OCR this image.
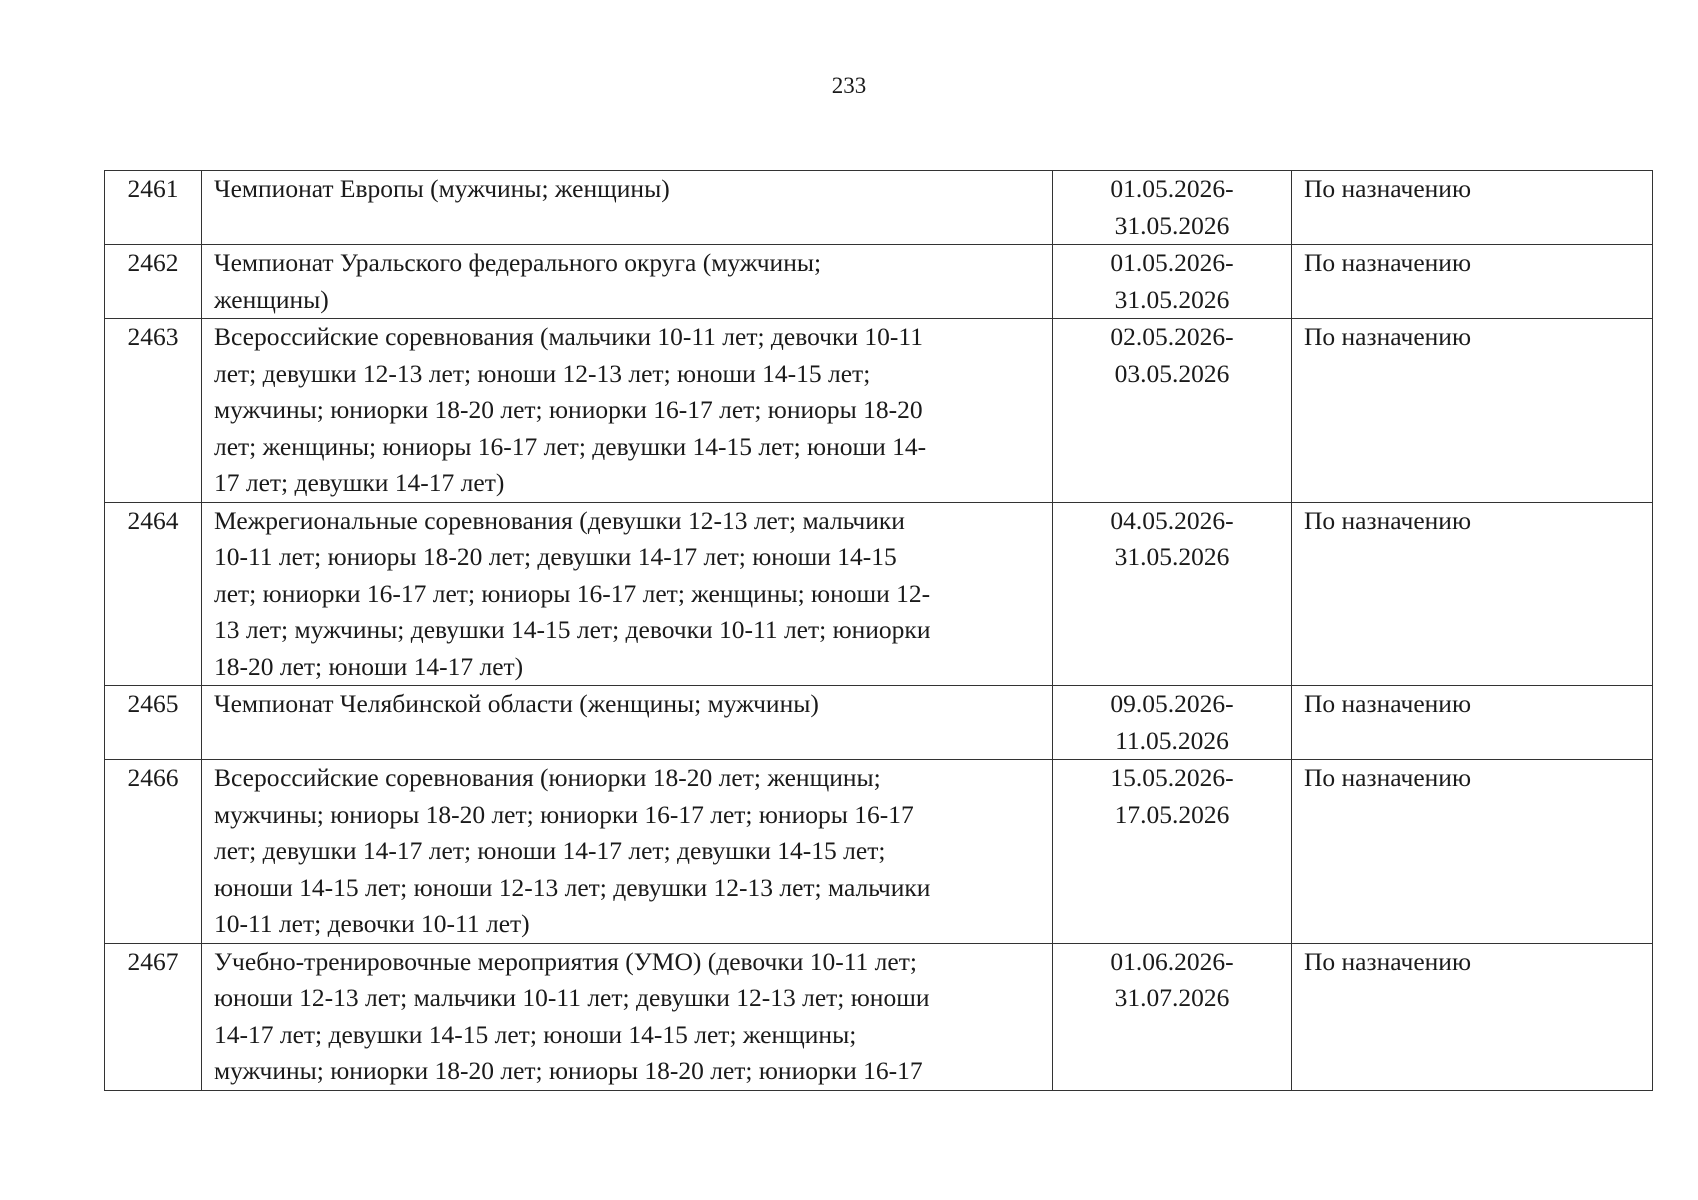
233
2461	Чемпионат Европы (мужчины; женщины)	01.05.2026-
31.05.2026	По назначению

2462	Чемпионат Уральского федерального округа (мужчины;
женщины)	01.05.2026-
31.05.2026	По назначению

2463	Всероссийские соревнования (мальчики 10-11 лет; девочки 10-11
лет; девушки 12-13 лет; юноши 12-13 лет; юноши 14-15 лет;
мужчины; юниорки 18-20 лет; юниорки 16-17 лет; юниоры 18-20
лет; женщины; юниоры 16-17 лет; девушки 14-15 лет; юноши 14-
17 лет; девушки 14-17 лет)	02.05.2026-
03.05.2026	По назначению

2464	Межрегиональные соревнования (девушки 12-13 лет; мальчики
10-11 лет; юниоры 18-20 лет; девушки 14-17 лет; юноши 14-15
лет; юниорки 16-17 лет; юниоры 16-17 лет; женщины; юноши 12-
13 лет; мужчины; девушки 14-15 лет; девочки 10-11 лет; юниорки
18-20 лет; юноши 14-17 лет)	04.05.2026-
31.05.2026	По назначению

2465	Чемпионат Челябинской области (женщины; мужчины)	09.05.2026-
11.05.2026	По назначению

2466	Всероссийские соревнования (юниорки 18-20 лет; женщины;
мужчины; юниоры 18-20 лет; юниорки 16-17 лет; юниоры 16-17
лет; девушки 14-17 лет; юноши 14-17 лет; девушки 14-15 лет;
юноши 14-15 лет; юноши 12-13 лет; девушки 12-13 лет; мальчики
10-11 лет; девочки 10-11 лет)	15.05.2026-
17.05.2026	По назначению

2467	Учебно-тренировочные мероприятия (УМО) (девочки 10-11 лет;
юноши 12-13 лет; мальчики 10-11 лет; девушки 12-13 лет; юноши
14-17 лет; девушки 14-15 лет; юноши 14-15 лет; женщины;
мужчины; юниорки 18-20 лет; юниоры 18-20 лет; юниорки 16-17	01.06.2026-
31.07.2026	По назначению
